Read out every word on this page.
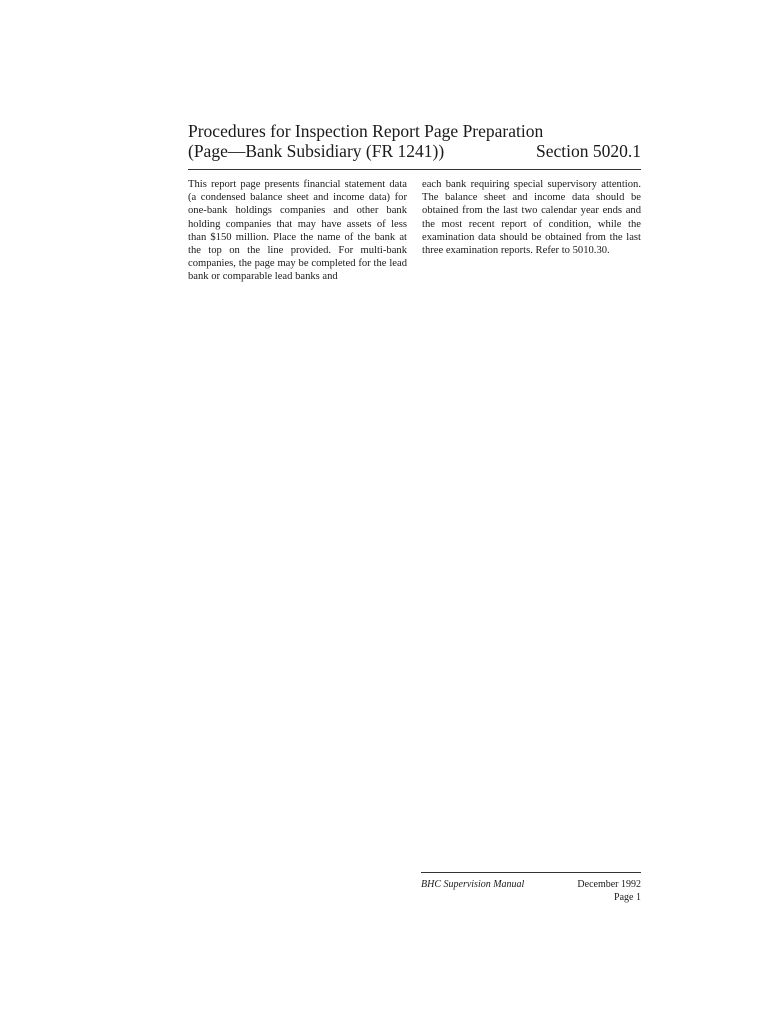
Procedures for Inspection Report Page Preparation
(Page—Bank Subsidiary (FR 1241))	Section 5020.1
This report page presents financial statement data (a condensed balance sheet and income data) for one-bank holdings companies and other bank holding companies that may have assets of less than $150 million. Place the name of the bank at the top on the line provided. For multi-bank companies, the page may be completed for the lead bank or comparable lead banks and
each bank requiring special supervisory attention. The balance sheet and income data should be obtained from the last two calendar year ends and the most recent report of condition, while the examination data should be obtained from the last three examination reports. Refer to 5010.30.
BHC Supervision Manual	December 1992
Page 1
